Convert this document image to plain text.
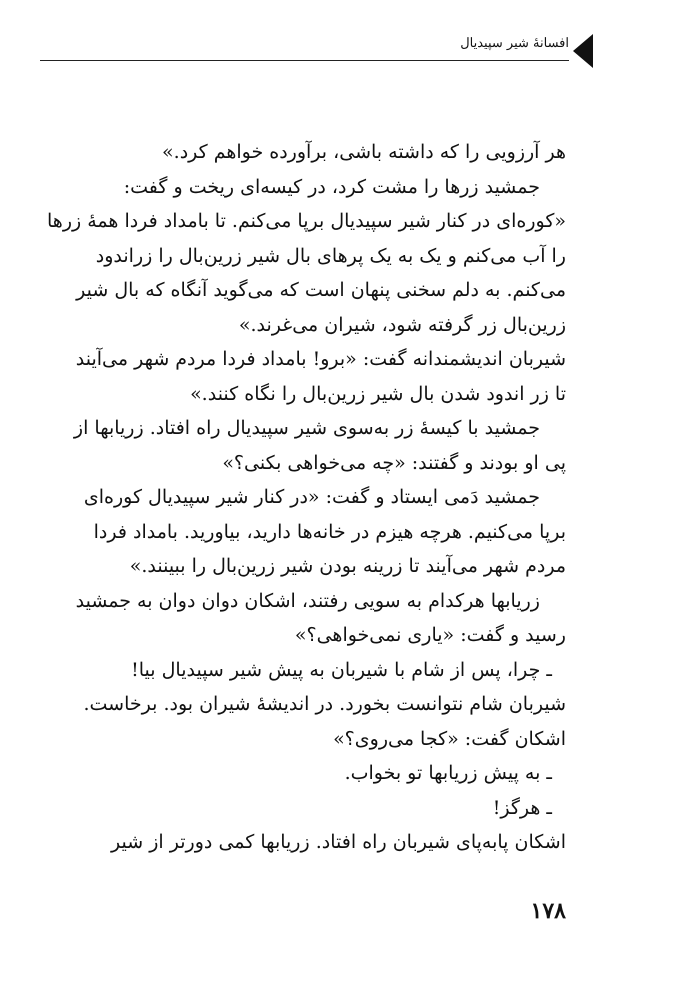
افسانهٔ شیر سپیدیال
هر آرزویی را که داشته باشی، برآورده خواهم کرد.»
جمشید زرها را مشت کرد، در کیسه‌ای ریخت و گفت:
«کوره‌ای در کنار شیر سپیدیال برپا می‌کنم. تا بامداد فردا همهٔ زرها
را آب می‌کنم و یک به یک پرهای بال شیر زرین‌بال را زراندود
می‌کنم. به دلم سخنی پنهان است که می‌گوید آنگاه که بال شیر
زرین‌بال زر گرفته شود، شیران می‌غرند.»
شیربان اندیشمندانه گفت: «برو! بامداد فردا مردم شهر می‌آیند
تا زر اندود شدن بال شیر زرین‌بال را نگاه کنند.»
جمشید با کیسهٔ زر به‌سوی شیر سپیدیال راه افتاد. زریابها از
پی او بودند و گفتند: «چه می‌خواهی بکنی؟»
جمشید دَمی ایستاد و گفت: «در کنار شیر سپیدیال کوره‌ای
برپا می‌کنیم. هرچه هیزم در خانه‌ها دارید، بیاورید. بامداد فردا
مردم شهر می‌آیند تا زرینه بودن شیر زرین‌بال را ببینند.»
زریابها هرکدام به سویی رفتند، اشکان دوان دوان به جمشید
رسید و گفت: «یاری نمی‌خواهی؟»
ـ چرا، پس از شام با شیربان به پیش شیر سپیدیال بیا!
شیربان شام نتوانست بخورد. در اندیشهٔ شیران بود. برخاست.
اشکان گفت: «کجا می‌روی؟»
ـ به پیش زریابها تو بخواب.
ـ هرگز!
اشکان پابه‌پای شیربان راه افتاد. زریابها کمی دورتر از شیر
۱۷۸
